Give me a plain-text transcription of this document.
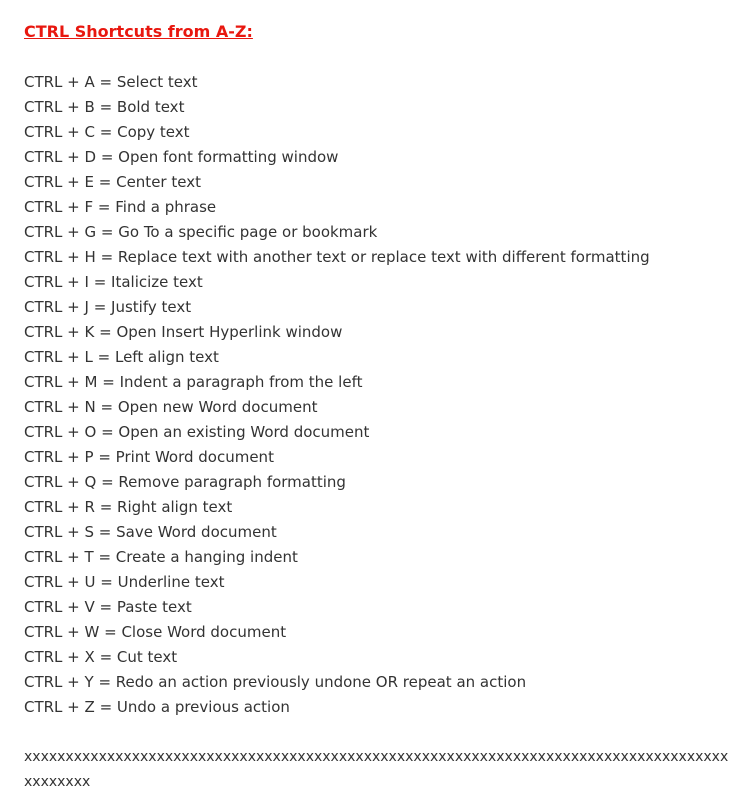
CTRL Shortcuts from A-Z:
CTRL + A = Select text
CTRL + B = Bold text
CTRL + C = Copy text
CTRL + D = Open font formatting window
CTRL + E = Center text
CTRL + F = Find a phrase
CTRL + G = Go To a specific page or bookmark
CTRL + H = Replace text with another text or replace text with different formatting
CTRL + I = Italicize text
CTRL + J = Justify text
CTRL + K = Open Insert Hyperlink window
CTRL + L = Left align text
CTRL + M = Indent a paragraph from the left
CTRL + N = Open new Word document
CTRL + O = Open an existing Word document
CTRL + P = Print Word document
CTRL + Q = Remove paragraph formatting
CTRL + R = Right align text
CTRL + S = Save Word document
CTRL + T = Create a hanging indent
CTRL + U = Underline text
CTRL + V = Paste text
CTRL + W = Close Word document
CTRL + X = Cut text
CTRL + Y = Redo an action previously undone OR repeat an action
CTRL + Z = Undo a previous action

xxxxxxxxxxxxxxxxxxxxxxxxxxxxxxxxxxxxxxxxxxxxxxxxxxxxxxxxxxxxxxxxxxxxxxxxxxxxxxxxxxxxxxxxxxxxx
